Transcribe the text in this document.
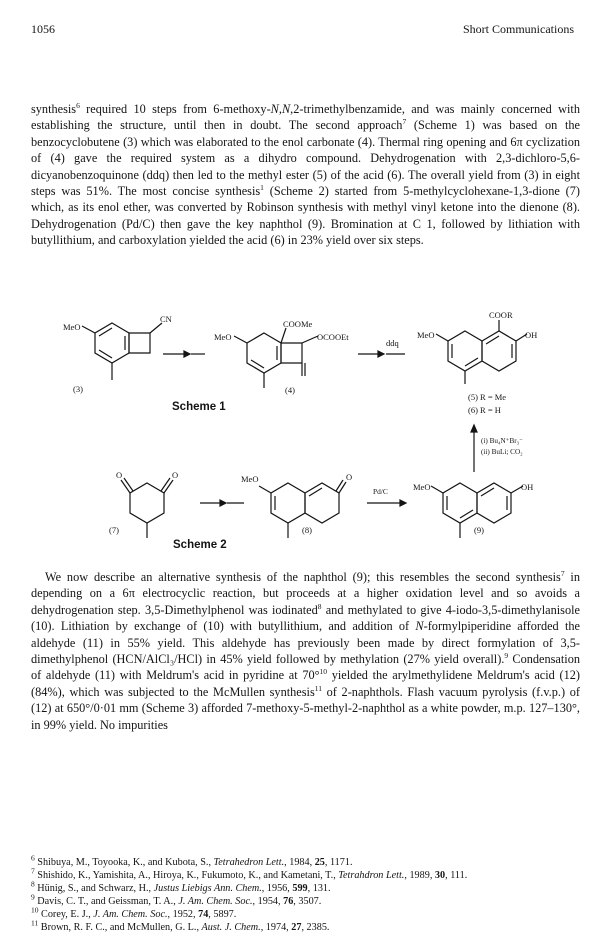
1056	Short Communications

synthesis$^6$ required 10 steps from 6-methoxy-N,N,2-trimethylbenzamide, and was mainly concerned with establishing the structure, until then in doubt. The second approach$^7$ (Scheme 1) was based on the benzocyclobutene (3) which was elaborated to the enol carbonate (4). Thermal ring opening and 6π cyclization of (4) gave the required system as a dihydro compound. Dehydrogenation with 2,3-dichloro-5,6-dicyanobenzoquinone (ddq) then led to the methyl ester (5) of the acid (6). The overall yield from (3) in eight steps was 51%. The most concise synthesis$^1$ (Scheme 2) started from 5-methylcyclohexane-1,3-dione (7) which, as its enol ether, was converted by Robinson synthesis with methyl vinyl ketone into the dienone (8). Dehydrogenation (Pd/C) then gave the key naphthol (9). Bromination at C 1, followed by lithiation with butyllithium, and carboxylation yielded the acid (6) in 23% yield over six steps.

MeO
CN
(3)
MeO
COOMe
OCOOEt
(4)
ddq
COOR
MeO	OH
(5) R = Me
(6) R = H
(i) Bu₄N⁺Br₃⁻
(ii) BuLi; CO₂
Scheme 1
O	O
(7)
MeO	O
(8)
Pd/C	MeO	OH
(9)
Scheme 2

We now describe an alternative synthesis of the naphthol (9); this resembles the second synthesis$^7$ in depending on a 6π electrocyclic reaction, but proceeds at a higher oxidation level and so avoids a dehydrogenation step. 3,5-Dimethylphenol was iodinated$^8$ and methylated to give 4-iodo-3,5-dimethylanisole (10). Lithiation by exchange of (10) with butyllithium, and addition of N-formylpiperidine afforded the aldehyde (11) in 55% yield. This aldehyde has previously been made by direct formylation of 3,5-dimethylphenol (HCN/AlCl₃/HCl) in 45% yield followed by methylation (27% yield overall).$^9$ Condensation of aldehyde (11) with Meldrum's acid in pyridine at 70°$^{10}$ yielded the arylmethylidene Meldrum's acid (12) (84%), which was subjected to the McMullen synthesis$^{11}$ of 2-naphthols. Flash vacuum pyrolysis (f.v.p.) of (12) at 650°/0·01 mm (Scheme 3) afforded 7-methoxy-5-methyl-2-naphthol as a white powder, m.p. 127–130°, in 99% yield. No impurities

$^6$ Shibuya, M., Toyooka, K., and Kubota, S., Tetrahedron Lett., 1984, 25, 1171.

$^7$ Shishido, K., Yamishita, A., Hiroya, K., Fukumoto, K., and Kametani, T., Tetrahdron Lett., 1989, 30, 111.

$^8$ Hünig, S., and Schwarz, H., Justus Liebigs Ann. Chem., 1956, 599, 131.

$^9$ Davis, C. T., and Geissman, T. A., J. Am. Chem. Soc., 1954, 76, 3507.

$^{10}$ Corey, E. J., J. Am. Chem. Soc., 1952, 74, 5897.

$^{11}$ Brown, R. F. C., and McMullen, G. L., Aust. J. Chem., 1974, 27, 2385.
